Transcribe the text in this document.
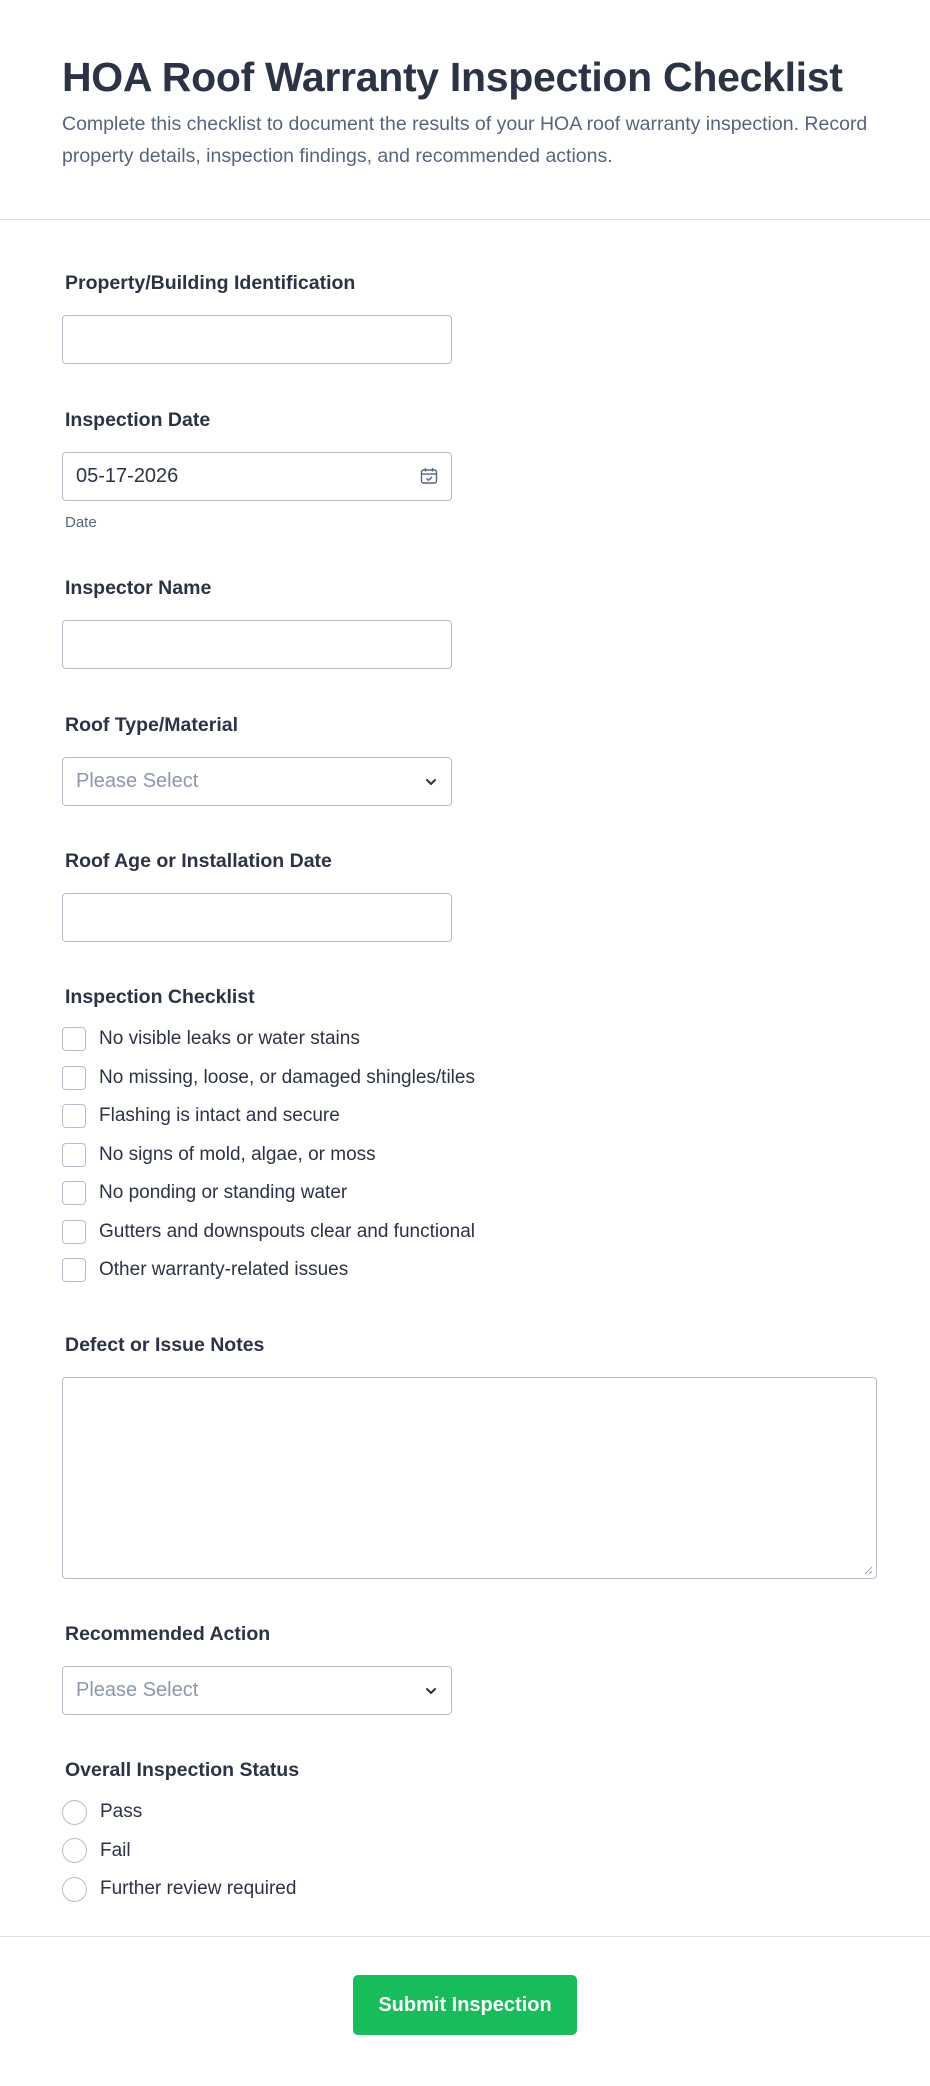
HOA Roof Warranty Inspection Checklist

Complete this checklist to document the results of your HOA roof warranty inspection. Record property details, inspection findings, and recommended actions.

Property/Building Identification
Inspection Date
05-17-2026
Date
Inspector Name
Roof Type/Material
Please Select
Roof Age or Installation Date
Inspection Checklist
No visible leaks or water stains
No missing, loose, or damaged shingles/tiles
Flashing is intact and secure
No signs of mold, algae, or moss
No ponding or standing water
Gutters and downspouts clear and functional
Other warranty-related issues
Defect or Issue Notes
Recommended Action
Please Select
Overall Inspection Status
Pass
Fail
Further review required
Submit Inspection
